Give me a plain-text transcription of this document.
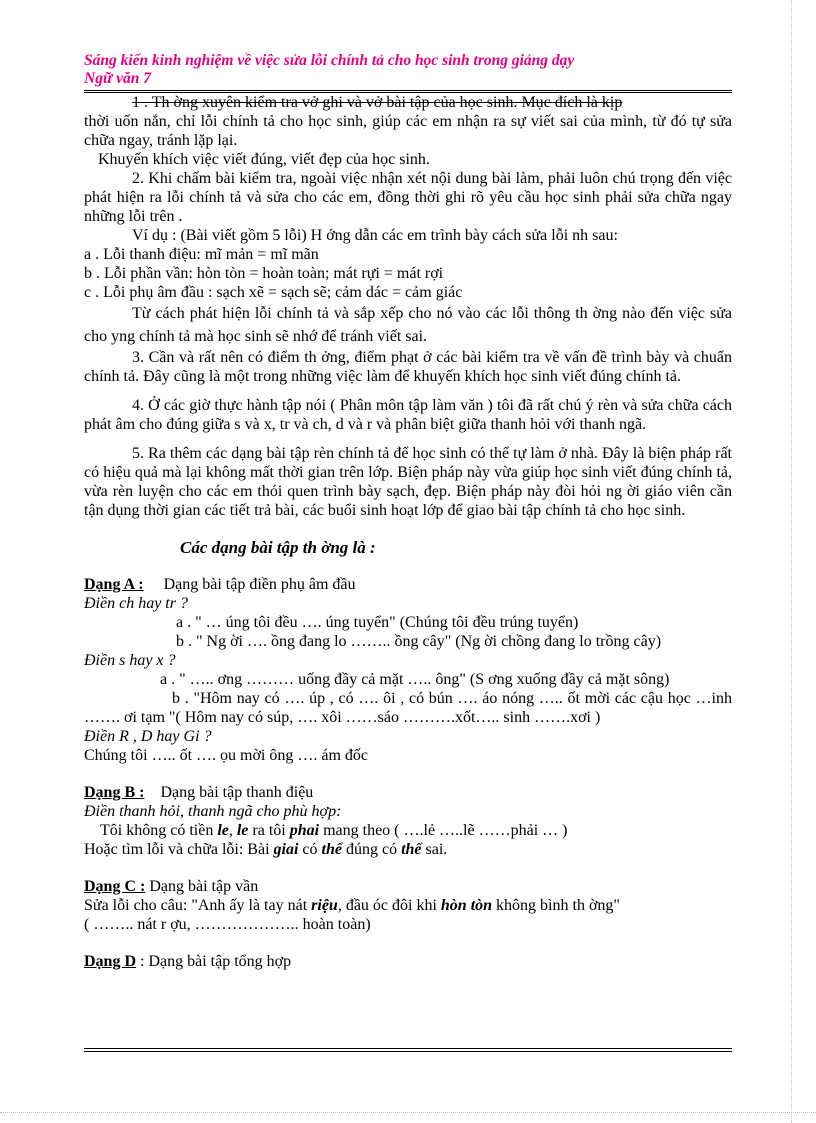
Sáng kiến kinh nghiệm về việc sửa lỗi chính tả cho học sinh trong giảng dạy
Ngữ văn 7

1 . Th ờng xuyên kiểm tra vở ghi và vở bài tập của học sinh. Mục đích là kịp

thời uốn nắn, chỉ lỗi chính tả cho học sinh, giúp các em nhận ra sự viết sai của mình, từ đó tự sửa chữa ngay, tránh lặp lại.

Khuyến khích việc viết đúng, viết đẹp của học sinh.

2. Khi chấm bài kiểm tra, ngoài việc nhận xét nội dung bài làm, phải luôn chú trọng đến việc phát hiện ra lỗi chính tả và sửa cho các em, đồng thời ghi rõ yêu cầu học sinh phải sửa chữa ngay những lỗi trên .

Ví dụ : (Bài viết gồm 5 lỗi) H ớng dẫn các em trình bày cách sửa lỗi nh sau:

a . Lỗi thanh điệu: mĩ mản = mĩ mãn

b . Lỗi phần vần: hòn tòn = hoàn toàn; mát rựi = mát rợi

c . Lỗi phụ âm đầu : sạch xẽ = sạch sẽ; cảm dác = cảm giác

Từ cách phát hiện lỗi chính tả và sắp xếp cho nó vào các lỗi thông th ờng nào đến việc sửa cho yng chính tả mà học sinh sẽ nhớ để tránh viết sai.

3. Cần và rất nên có điểm th ởng, điểm phạt ở các bài kiểm tra về vấn đề trình bày và chuẩn chính tả. Đây cũng là một trong những việc làm để khuyến khích học sinh viết đúng chính tả.

4. Ở các giờ thực hành tập nói ( Phân môn tập làm văn ) tôi đã rất chú ý rèn và sửa chữa cách phát âm cho đúng giữa s và x, tr và ch, d và r và phân biệt giữa thanh hỏi với thanh ngã.

5. Ra thêm các dạng bài tập rèn chính tả để học sinh có thể tự làm ở nhà. Đây là biện pháp rất có hiệu quả mà lại không mất thời gian trên lớp. Biện pháp này vừa giúp học sinh viết đúng chính tả, vừa rèn luyện cho các em thói quen trình bày sạch, đẹp. Biện pháp này đòi hỏi ng ời giáo viên cần tận dụng thời gian các tiết trả bài, các buổi sinh hoạt lớp để giao bài tập chính tả cho học sinh.

Các dạng bài tập th ờng là :

Dạng A : Dạng bài tập điền phụ âm đầu

Điền ch hay tr ?

a . " … úng tôi đều …. úng tuyển" (Chúng tôi đều trúng tuyển)

b . " Ng ời …. ồng đang lo …….. ồng cây" (Ng ời chồng đang lo trồng cây)

Điền s hay x ?

a . " ….. ơng ……… uống đầy cả mặt ….. ông" (S ơng xuống đầy cả mặt sông)

b . "Hôm nay có …. úp , có …. ôi , có bún …. áo nóng ….. ốt mời các cậu học …inh ……. ơi tạm "( Hôm nay có súp, …. xôi ……sáo ……….xốt….. sinh …….xơi )

Điền R , D hay Gi ?

Chúng tôi ….. ốt …. ọu mời ông …. ám đốc

Dạng B : Dạng bài tập thanh điệu

Điền thanh hỏi, thanh ngã cho phù hợp:

Tôi không có tiền le, le ra tôi phai mang theo ( ….lẻ …..lẽ ……phải … )

Hoặc tìm lỗi và chữa lỗi: Bài giai có thể đúng có thể sai.

Dạng C : Dạng bài tập vần

Sửa lỗi cho câu: "Anh ấy là tay nát riệu, đầu óc đôi khi hòn tòn không bình th ờng"

( …….. nát r ợu, ……………….. hoàn toàn)

Dạng D : Dạng bài tập tổng hợp
